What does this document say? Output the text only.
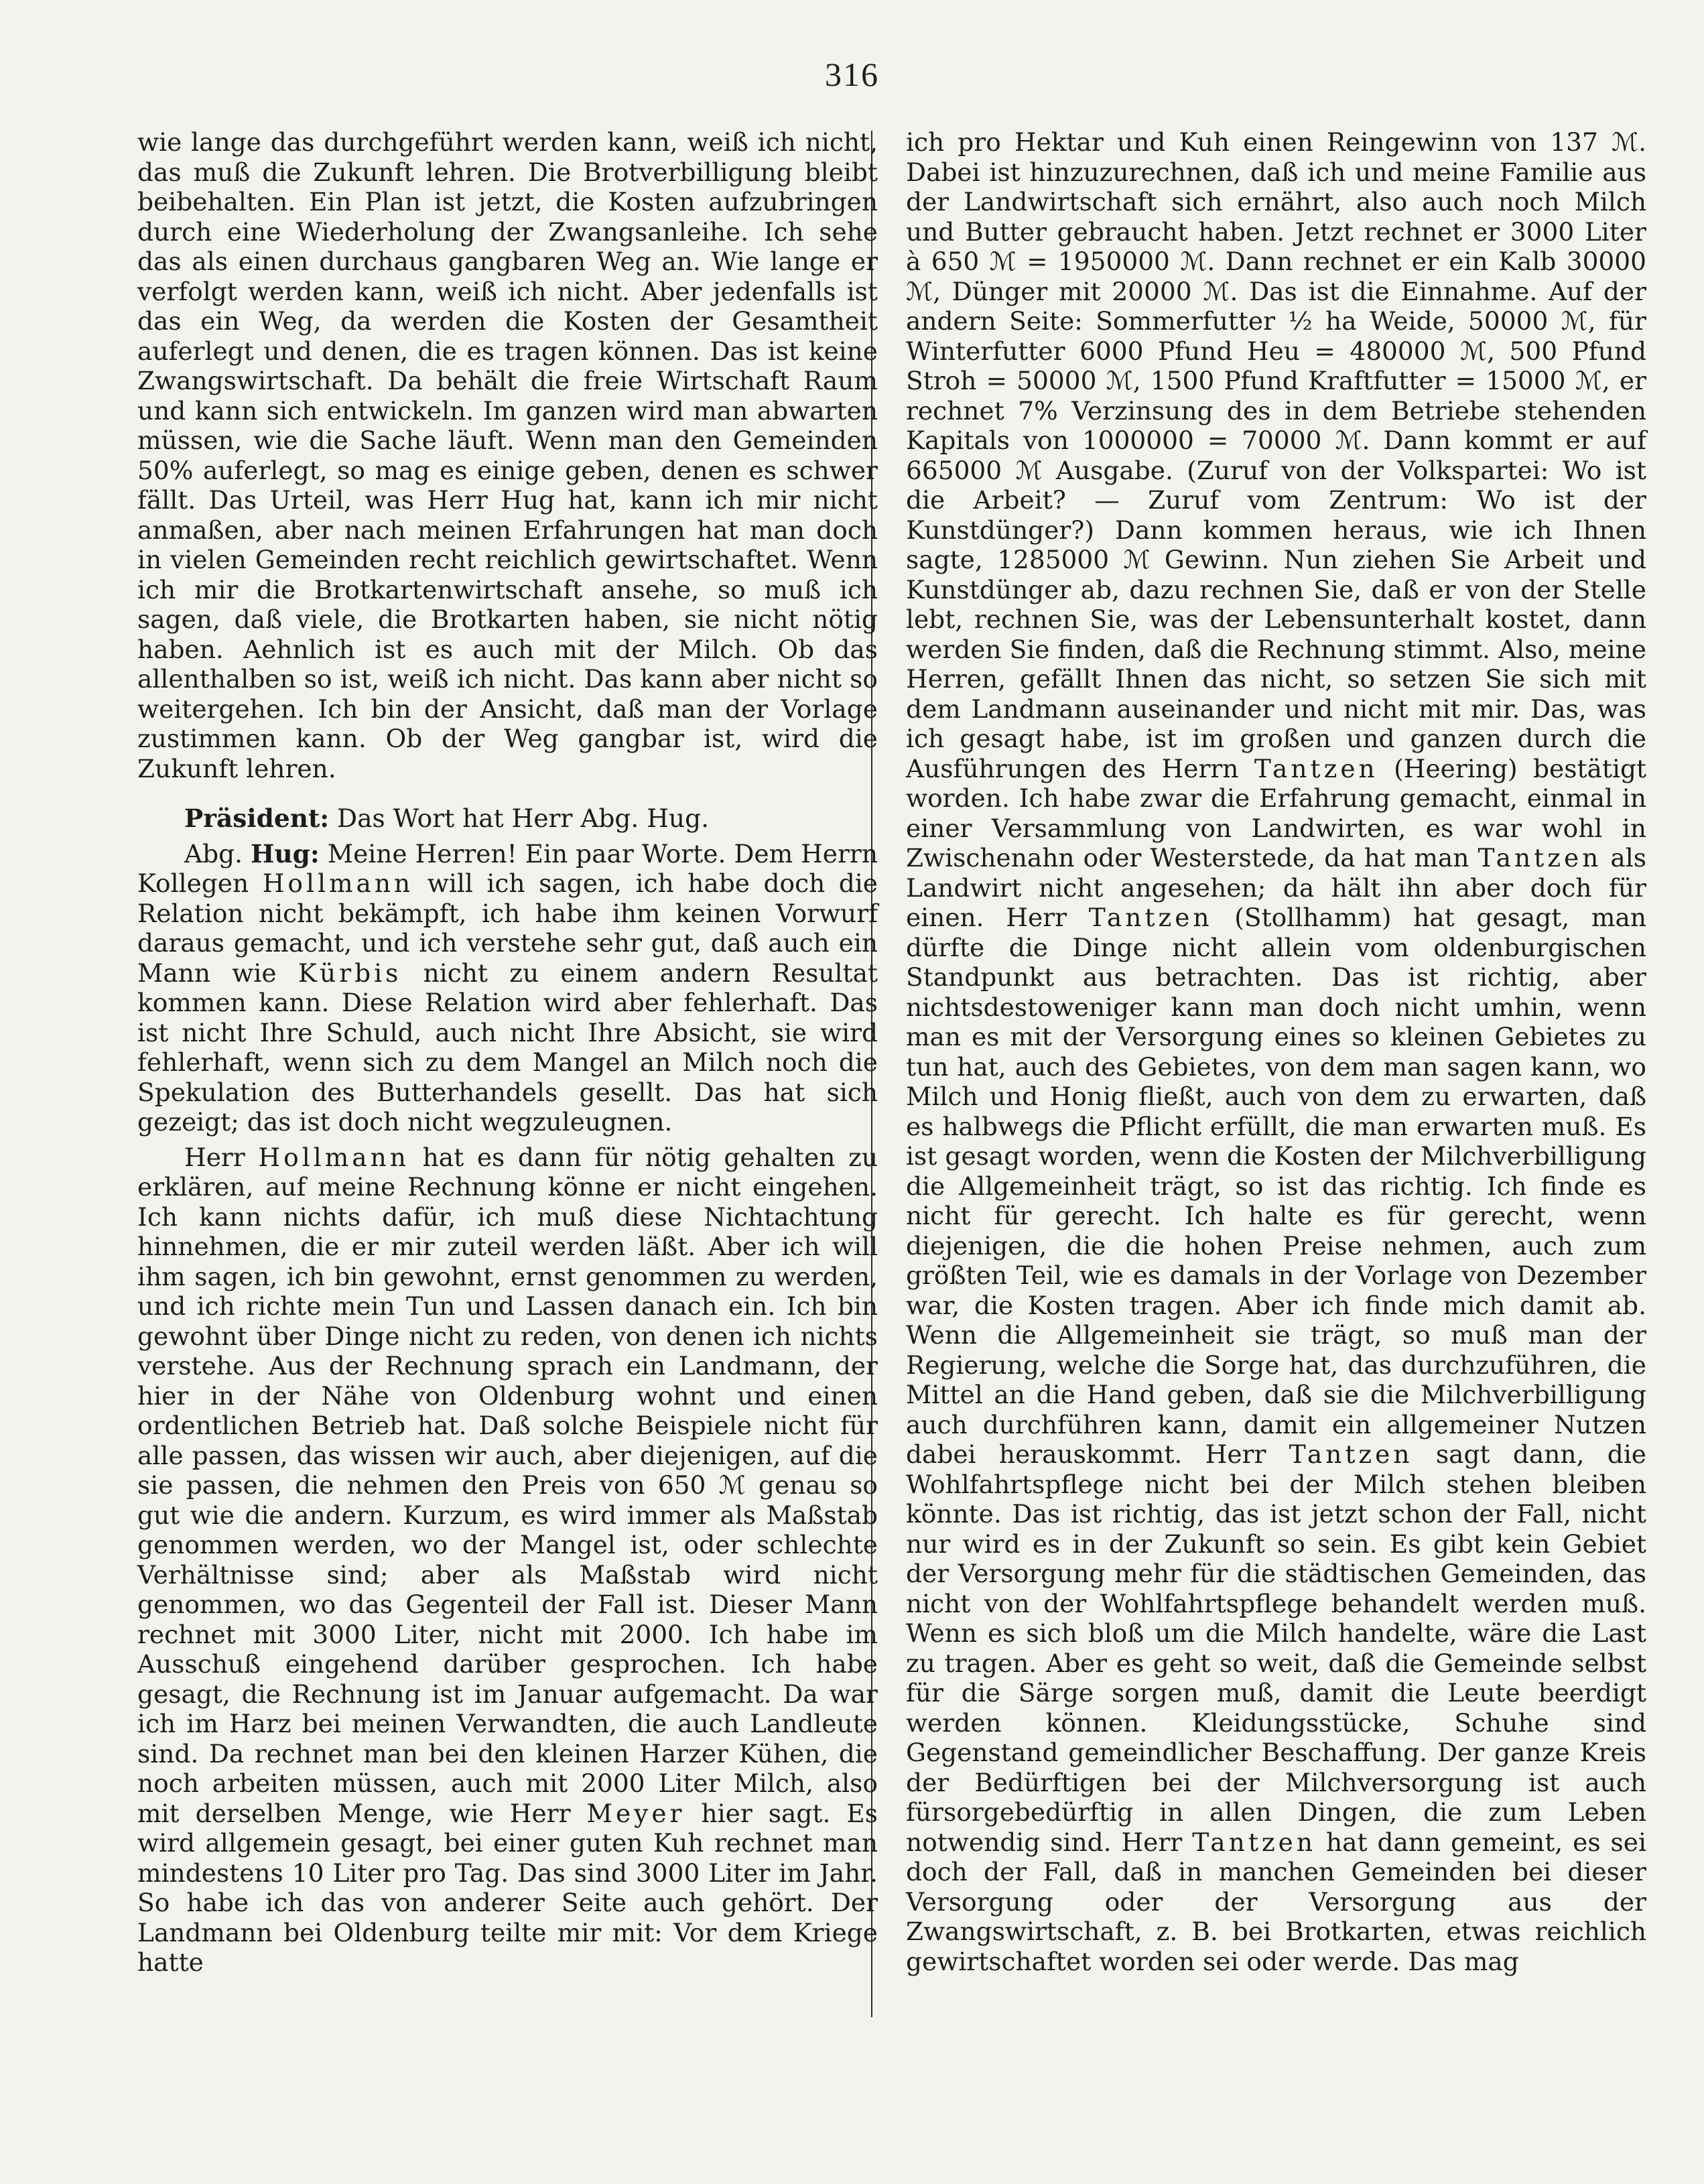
316

wie lange das durchgeführt werden kann, weiß ich nicht, das muß die Zukunft lehren. Die Brotverbilligung bleibt beibehalten. Ein Plan ist jetzt, die Kosten aufzubringen durch eine Wiederholung der Zwangsanleihe. Ich sehe das als einen durchaus gangbaren Weg an. Wie lange er verfolgt werden kann, weiß ich nicht. Aber jedenfalls ist das ein Weg, da werden die Kosten der Gesamtheit auferlegt und denen, die es tragen können. Das ist keine Zwangswirtschaft. Da behält die freie Wirtschaft Raum und kann sich entwickeln. Im ganzen wird man abwarten müssen, wie die Sache läuft. Wenn man den Gemeinden 50% auferlegt, so mag es einige geben, denen es schwer fällt. Das Urteil, was Herr Hug hat, kann ich mir nicht anmaßen, aber nach meinen Erfahrungen hat man doch in vielen Gemeinden recht reichlich gewirtschaftet. Wenn ich mir die Brotkartenwirtschaft ansehe, so muß ich sagen, daß viele, die Brotkarten haben, sie nicht nötig haben. Aehnlich ist es auch mit der Milch. Ob das allenthalben so ist, weiß ich nicht. Das kann aber nicht so weitergehen. Ich bin der Ansicht, daß man der Vorlage zustimmen kann. Ob der Weg gangbar ist, wird die Zukunft lehren.

Präsident: Das Wort hat Herr Abg. Hug.

Abg. Hug: Meine Herren! Ein paar Worte. Dem Herrn Kollegen Hollmann will ich sagen, ich habe doch die Relation nicht bekämpft, ich habe ihm keinen Vorwurf daraus gemacht, und ich verstehe sehr gut, daß auch ein Mann wie Kürbis nicht zu einem andern Resultat kommen kann. Diese Relation wird aber fehlerhaft. Das ist nicht Ihre Schuld, auch nicht Ihre Absicht, sie wird fehlerhaft, wenn sich zu dem Mangel an Milch noch die Spekulation des Butterhandels gesellt. Das hat sich gezeigt; das ist doch nicht wegzuleugnen.

Herr Hollmann hat es dann für nötig gehalten zu erklären, auf meine Rechnung könne er nicht eingehen. Ich kann nichts dafür, ich muß diese Nichtachtung hinnehmen, die er mir zuteil werden läßt. Aber ich will ihm sagen, ich bin gewohnt, ernst genommen zu werden, und ich richte mein Tun und Lassen danach ein. Ich bin gewohnt über Dinge nicht zu reden, von denen ich nichts verstehe. Aus der Rechnung sprach ein Landmann, der hier in der Nähe von Oldenburg wohnt und einen ordentlichen Betrieb hat. Daß solche Beispiele nicht für alle passen, das wissen wir auch, aber diejenigen, auf die sie passen, die nehmen den Preis von 650 ℳ genau so gut wie die andern. Kurzum, es wird immer als Maßstab genommen werden, wo der Mangel ist, oder schlechte Verhältnisse sind; aber als Maßstab wird nicht genommen, wo das Gegenteil der Fall ist. Dieser Mann rechnet mit 3000 Liter, nicht mit 2000. Ich habe im Ausschuß eingehend darüber gesprochen. Ich habe gesagt, die Rechnung ist im Januar aufgemacht. Da war ich im Harz bei meinen Verwandten, die auch Landleute sind. Da rechnet man bei den kleinen Harzer Kühen, die noch arbeiten müssen, auch mit 2000 Liter Milch, also mit derselben Menge, wie Herr Meyer hier sagt. Es wird allgemein gesagt, bei einer guten Kuh rechnet man mindestens 10 Liter pro Tag. Das sind 3000 Liter im Jahr. So habe ich das von anderer Seite auch gehört. Der Landmann bei Oldenburg teilte mir mit: Vor dem Kriege hatte

ich pro Hektar und Kuh einen Reingewinn von 137 ℳ. Dabei ist hinzuzurechnen, daß ich und meine Familie aus der Landwirtschaft sich ernährt, also auch noch Milch und Butter gebraucht haben. Jetzt rechnet er 3000 Liter à 650 ℳ = 1950000 ℳ. Dann rechnet er ein Kalb 30000 ℳ, Dünger mit 20000 ℳ. Das ist die Einnahme. Auf der andern Seite: Sommerfutter ½ ha Weide, 50000 ℳ, für Winterfutter 6000 Pfund Heu = 480000 ℳ, 500 Pfund Stroh = 50000 ℳ, 1500 Pfund Kraftfutter = 15000 ℳ, er rechnet 7% Verzinsung des in dem Betriebe stehenden Kapitals von 1000000 = 70000 ℳ. Dann kommt er auf 665000 ℳ Ausgabe. (Zuruf von der Volkspartei: Wo ist die Arbeit? — Zuruf vom Zentrum: Wo ist der Kunstdünger?) Dann kommen heraus, wie ich Ihnen sagte, 1285000 ℳ Gewinn. Nun ziehen Sie Arbeit und Kunstdünger ab, dazu rechnen Sie, daß er von der Stelle lebt, rechnen Sie, was der Lebensunterhalt kostet, dann werden Sie finden, daß die Rechnung stimmt. Also, meine Herren, gefällt Ihnen das nicht, so setzen Sie sich mit dem Landmann auseinander und nicht mit mir. Das, was ich gesagt habe, ist im großen und ganzen durch die Ausführungen des Herrn Tantzen (Heering) bestätigt worden. Ich habe zwar die Erfahrung gemacht, einmal in einer Versammlung von Landwirten, es war wohl in Zwischenahn oder Westerstede, da hat man Tantzen als Landwirt nicht angesehen; da hält ihn aber doch für einen. Herr Tantzen (Stollhamm) hat gesagt, man dürfte die Dinge nicht allein vom oldenburgischen Standpunkt aus betrachten. Das ist richtig, aber nichtsdestoweniger kann man doch nicht umhin, wenn man es mit der Versorgung eines so kleinen Gebietes zu tun hat, auch des Gebietes, von dem man sagen kann, wo Milch und Honig fließt, auch von dem zu erwarten, daß es halbwegs die Pflicht erfüllt, die man erwarten muß. Es ist gesagt worden, wenn die Kosten der Milchverbilligung die Allgemeinheit trägt, so ist das richtig. Ich finde es nicht für gerecht. Ich halte es für gerecht, wenn diejenigen, die die hohen Preise nehmen, auch zum größten Teil, wie es damals in der Vorlage von Dezember war, die Kosten tragen. Aber ich finde mich damit ab. Wenn die Allgemeinheit sie trägt, so muß man der Regierung, welche die Sorge hat, das durchzuführen, die Mittel an die Hand geben, daß sie die Milchverbilligung auch durchführen kann, damit ein allgemeiner Nutzen dabei herauskommt. Herr Tantzen sagt dann, die Wohlfahrtspflege nicht bei der Milch stehen bleiben könnte. Das ist richtig, das ist jetzt schon der Fall, nicht nur wird es in der Zukunft so sein. Es gibt kein Gebiet der Versorgung mehr für die städtischen Gemeinden, das nicht von der Wohlfahrtspflege behandelt werden muß. Wenn es sich bloß um die Milch handelte, wäre die Last zu tragen. Aber es geht so weit, daß die Gemeinde selbst für die Särge sorgen muß, damit die Leute beerdigt werden können. Kleidungsstücke, Schuhe sind Gegenstand gemeindlicher Beschaffung. Der ganze Kreis der Bedürftigen bei der Milchversorgung ist auch fürsorgebedürftig in allen Dingen, die zum Leben notwendig sind. Herr Tantzen hat dann gemeint, es sei doch der Fall, daß in manchen Gemeinden bei dieser Versorgung oder der Versorgung aus der Zwangswirtschaft, z. B. bei Brotkarten, etwas reichlich gewirtschaftet worden sei oder werde. Das mag
